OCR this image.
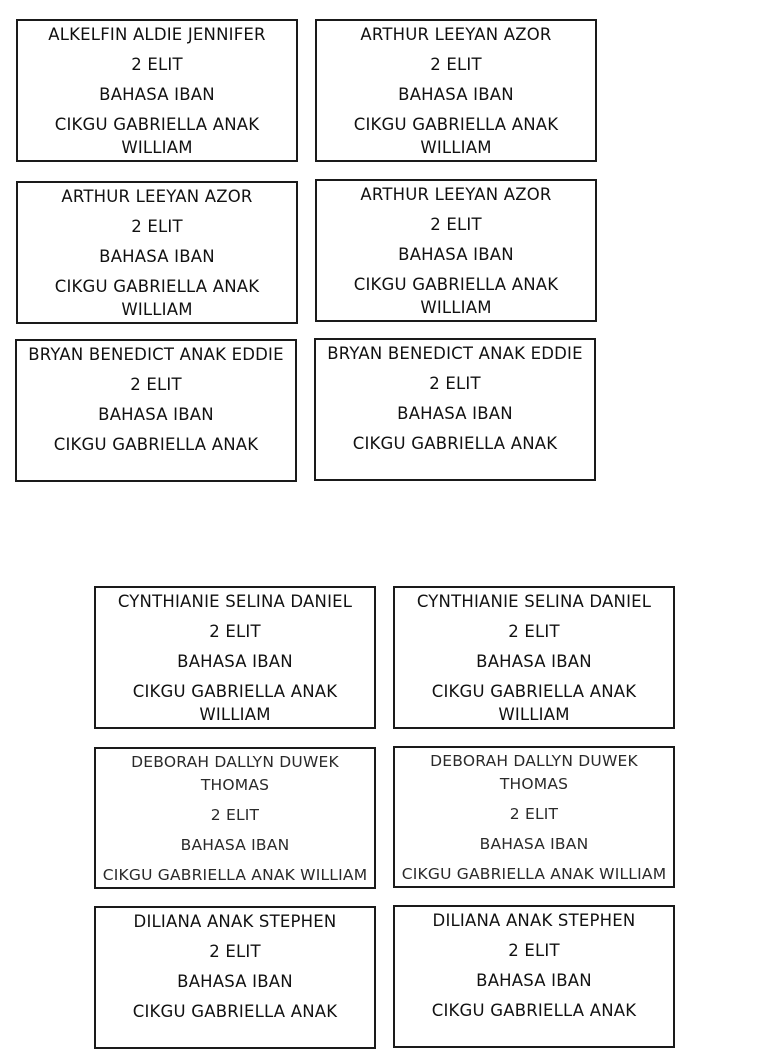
ALKELFIN ALDIE JENNIFER
2 ELIT
BAHASA IBAN
CIKGU GABRIELLA ANAK WILLIAM
ARTHUR LEEYAN AZOR
2 ELIT
BAHASA IBAN
CIKGU GABRIELLA ANAK WILLIAM
ARTHUR LEEYAN AZOR
2 ELIT
BAHASA IBAN
CIKGU GABRIELLA ANAK WILLIAM
ARTHUR LEEYAN AZOR
2 ELIT
BAHASA IBAN
CIKGU GABRIELLA ANAK WILLIAM
BRYAN BENEDICT ANAK EDDIE
2 ELIT
BAHASA IBAN
CIKGU GABRIELLA ANAK
BRYAN BENEDICT ANAK EDDIE
2 ELIT
BAHASA IBAN
CIKGU GABRIELLA ANAK
CYNTHIANIE SELINA DANIEL
2 ELIT
BAHASA IBAN
CIKGU GABRIELLA ANAK WILLIAM
CYNTHIANIE SELINA DANIEL
2 ELIT
BAHASA IBAN
CIKGU GABRIELLA ANAK WILLIAM
DEBORAH DALLYN DUWEK THOMAS
2 ELIT
BAHASA IBAN
CIKGU GABRIELLA ANAK WILLIAM
DEBORAH DALLYN DUWEK THOMAS
2 ELIT
BAHASA IBAN
CIKGU GABRIELLA ANAK WILLIAM
DILIANA ANAK STEPHEN
2 ELIT
BAHASA IBAN
CIKGU GABRIELLA ANAK
DILIANA ANAK STEPHEN
2 ELIT
BAHASA IBAN
CIKGU GABRIELLA ANAK
